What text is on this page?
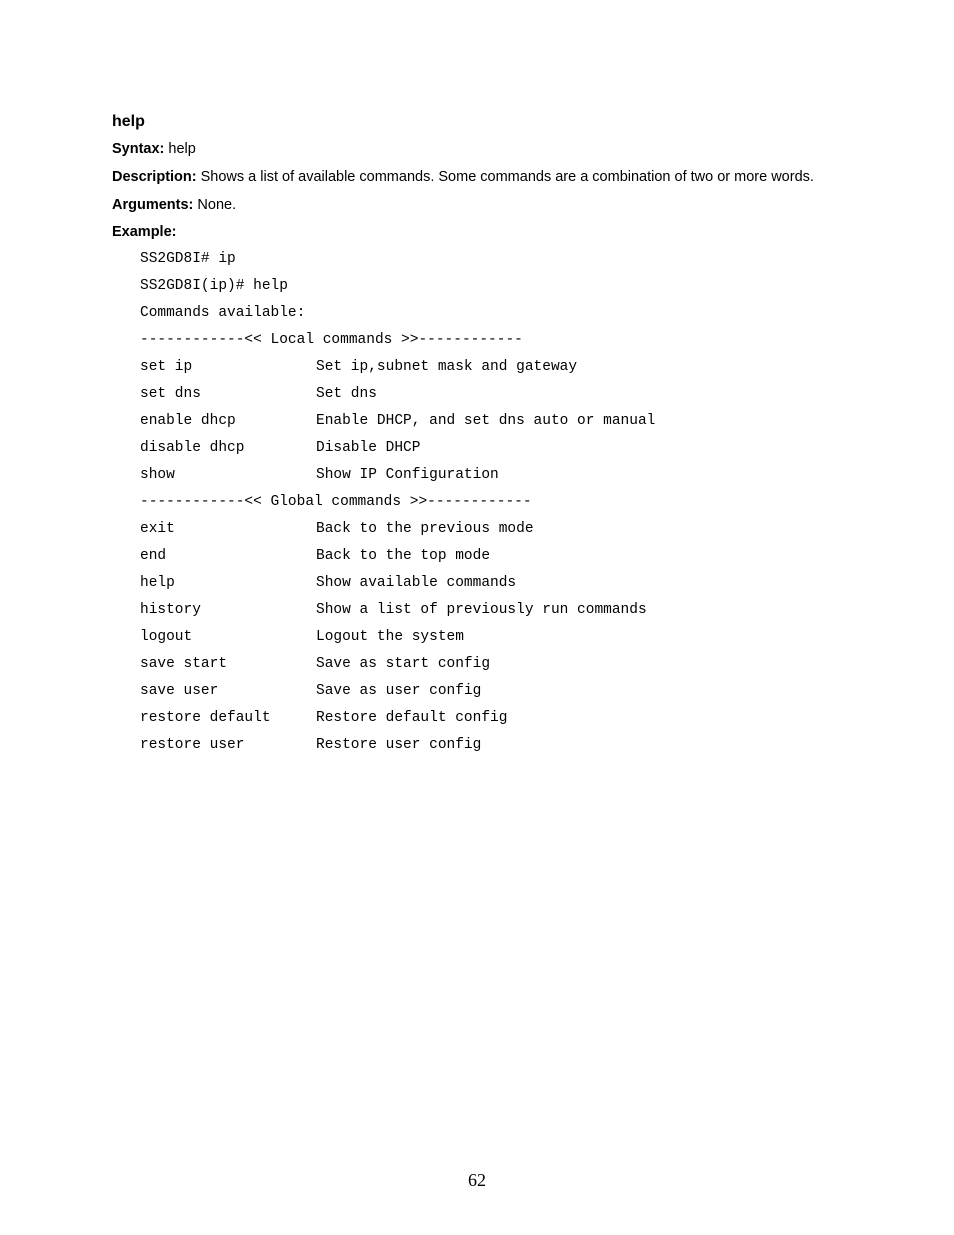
help

Syntax: help

Description: Shows a list of available commands. Some commands are a combination of two or more words.

Arguments: None.

Example:

SS2GD8I# ip
SS2GD8I(ip)# help
Commands available:
------------<< Local commands >>------------
set ip	Set ip,subnet mask and gateway
set dns	Set dns
enable dhcp	Enable DHCP, and set dns auto or manual
disable dhcp	Disable DHCP
show	Show IP Configuration
------------<< Global commands >>------------
exit	Back to the previous mode
end	Back to the top mode
help	Show available commands
history	Show a list of previously run commands
logout	Logout the system
save start	Save as start config
save user	Save as user config
restore default	Restore default config
restore user	Restore user config
62
